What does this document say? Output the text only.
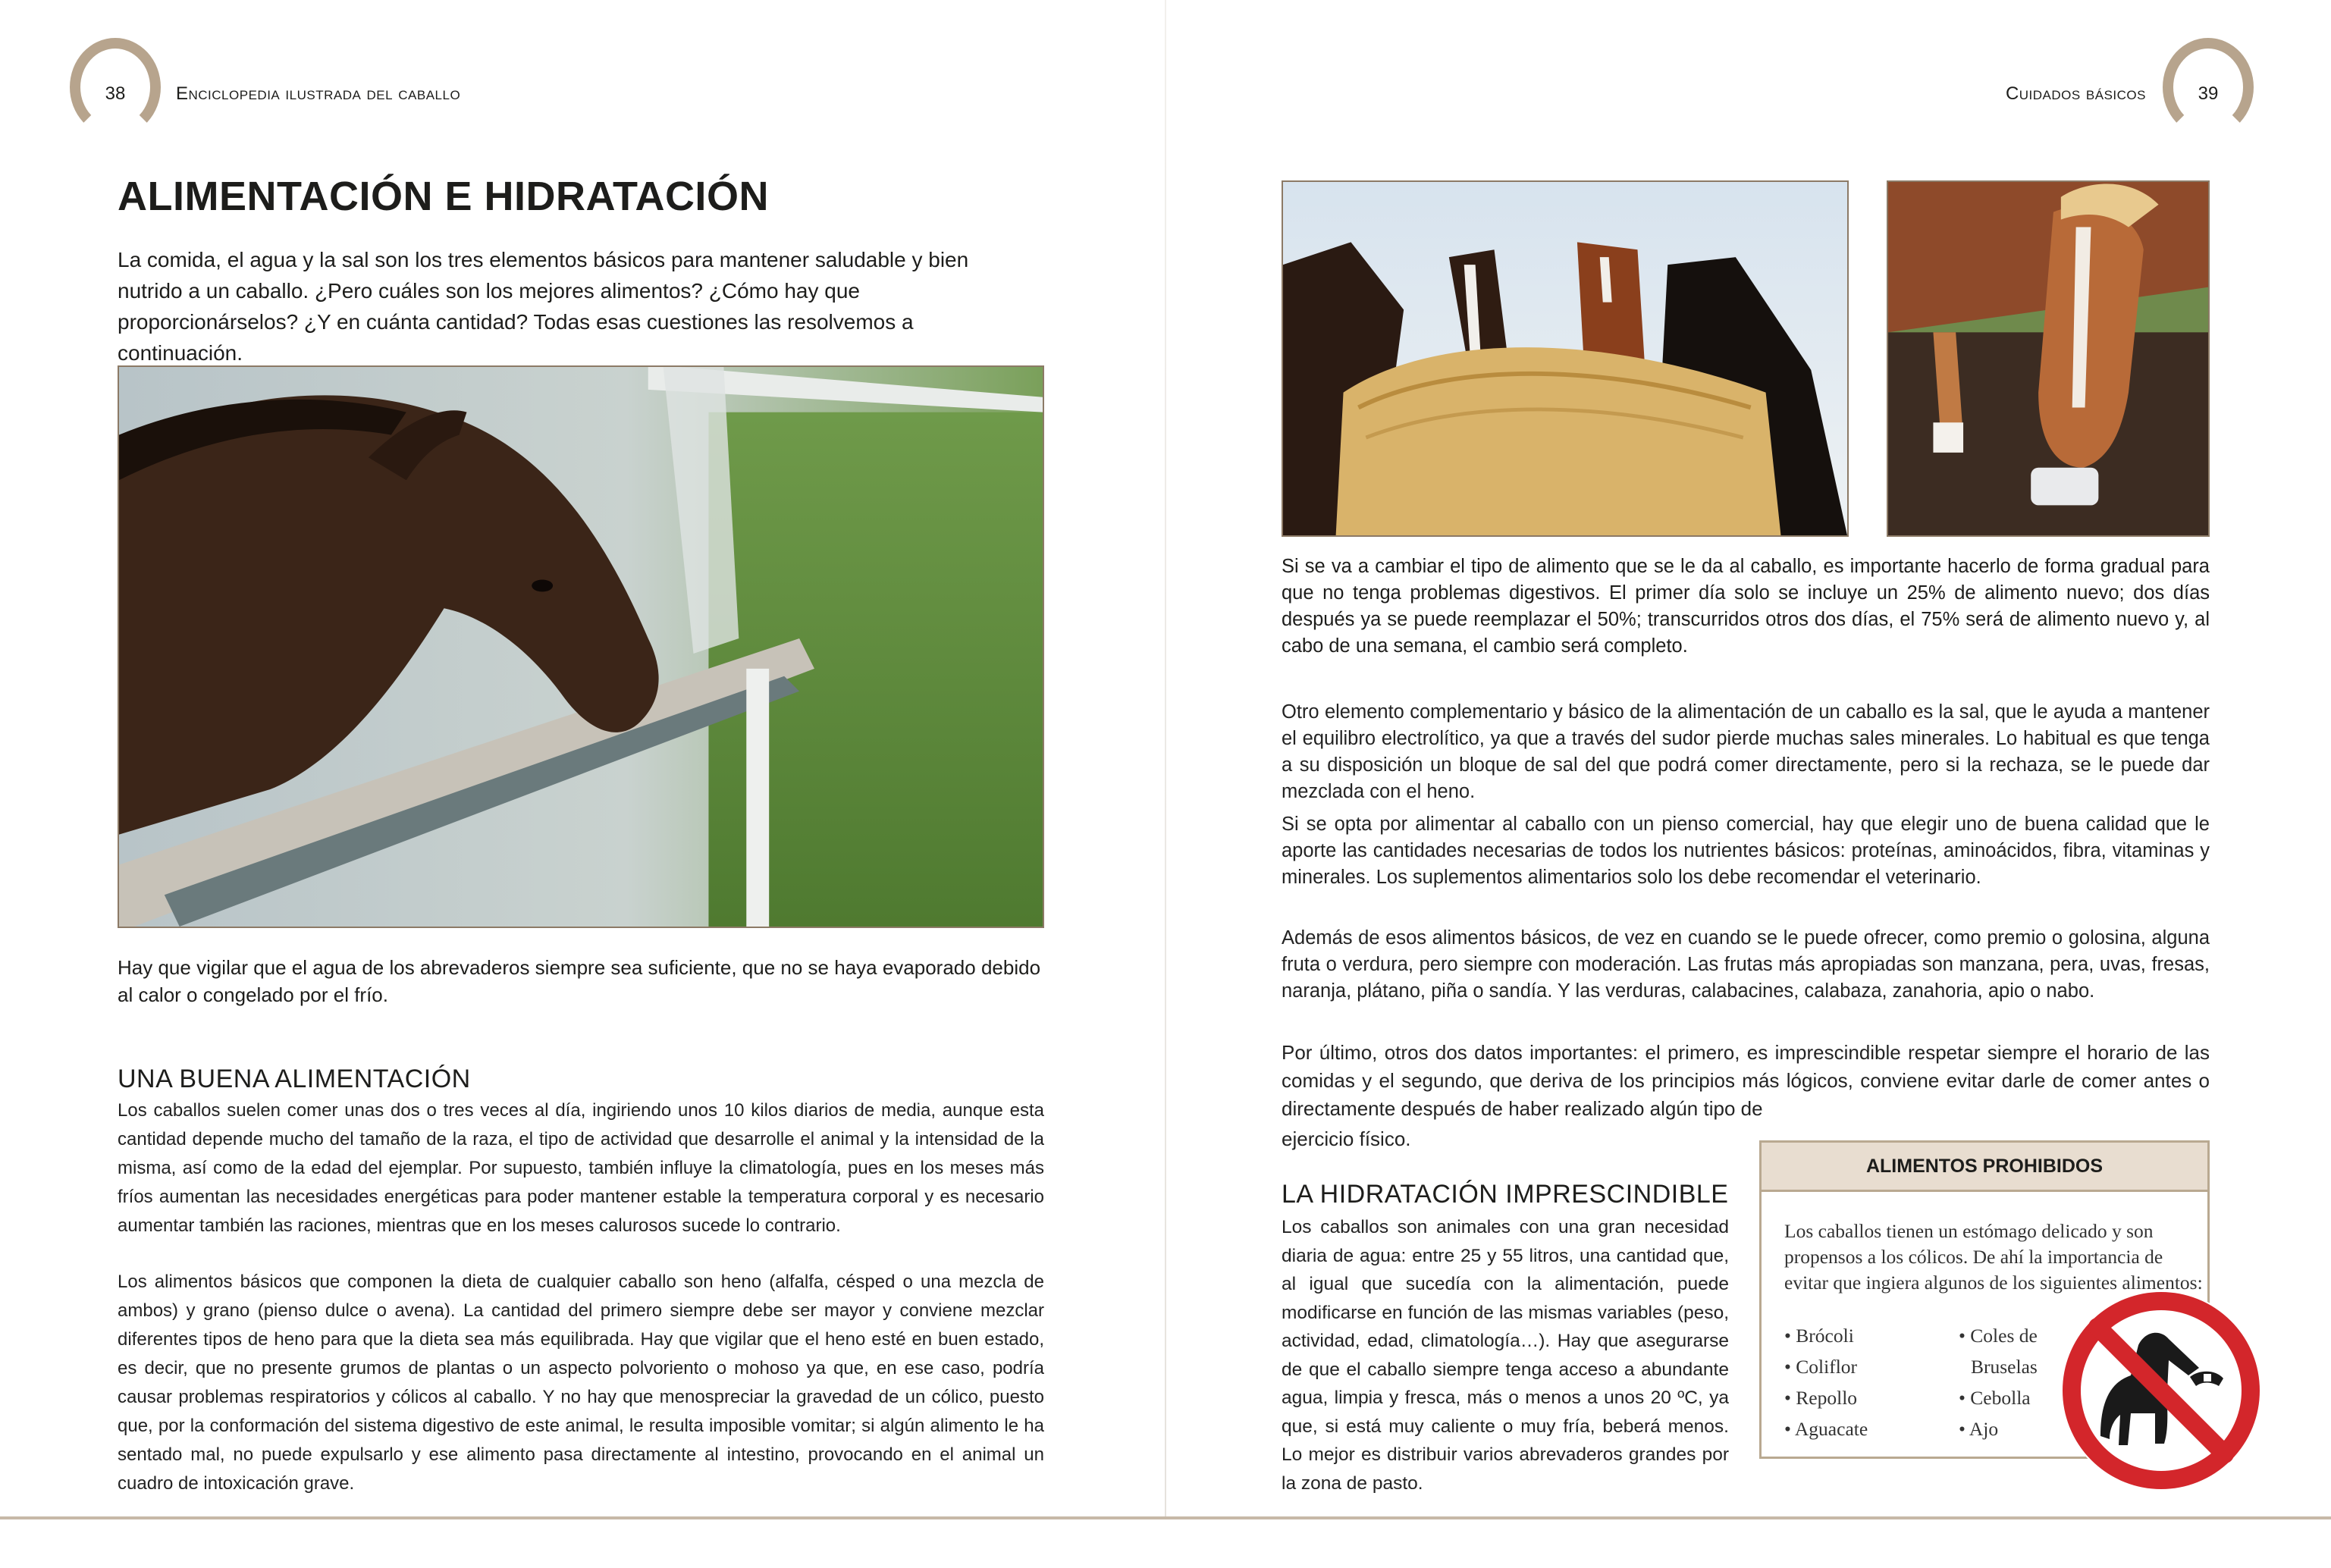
38	Enciclopedia ilustrada del caballo	Cuidados básicos	39
ALIMENTACIÓN E HIDRATACIÓN

La comida, el agua y la sal son los tres elementos básicos para mantener saludable y bien nutrido a un caballo. ¿Pero cuáles son los mejores alimentos? ¿Cómo hay que proporcionárselos? ¿Y en cuánta cantidad? Todas esas cuestiones las resolvemos a continuación.

Hay que vigilar que el agua de los abrevaderos siempre sea suficiente, que no se haya evaporado debido al calor o congelado por el frío.

UNA BUENA ALIMENTACIÓN

Los caballos suelen comer unas dos o tres veces al día, ingiriendo unos 10 kilos diarios de media, aunque esta cantidad depende mucho del tamaño de la raza, el tipo de actividad que desarrolle el animal y la intensidad de la misma, así como de la edad del ejemplar. Por supuesto, también influye la climatología, pues en los meses más fríos aumentan las necesidades energéticas para poder mantener estable la temperatura corporal y es necesario aumentar también las raciones, mientras que en los meses calurosos sucede lo contrario.

Los alimentos básicos que componen la dieta de cualquier caballo son heno (alfalfa, césped o una mezcla de ambos) y grano (pienso dulce o avena). La cantidad del primero siempre debe ser mayor y conviene mezclar diferentes tipos de heno para que la dieta sea más equilibrada. Hay que vigilar que el heno esté en buen estado, es decir, que no presente grumos de plantas o un aspecto polvoriento o mohoso ya que, en ese caso, podría causar problemas respiratorios y cólicos al caballo. Y no hay que menospreciar la gravedad de un cólico, puesto que, por la conformación del sistema digestivo de este animal, le resulta imposible vomitar; si algún alimento le ha sentado mal, no puede expulsarlo y ese alimento pasa directamente al intestino, provocando en el animal un cuadro de intoxicación grave.

Si se va a cambiar el tipo de alimento que se le da al caballo, es importante hacerlo de forma gradual para que no tenga problemas digestivos. El primer día solo se incluye un 25% de alimento nuevo; dos días después ya se puede reemplazar el 50%; transcurridos otros dos días, el 75% será de alimento nuevo y, al cabo de una semana, el cambio será completo.

Otro elemento complementario y básico de la alimentación de un caballo es la sal, que le ayuda a mantener el equilibro electrolítico, ya que a través del sudor pierde muchas sales minerales. Lo habitual es que tenga a su disposición un bloque de sal del que podrá comer directamente, pero si la rechaza, se le puede dar mezclada con el heno.

Si se opta por alimentar al caballo con un pienso comercial, hay que elegir uno de buena calidad que le aporte las cantidades necesarias de todos los nutrientes básicos: proteínas, aminoácidos, fibra, vitaminas y minerales. Los suplementos alimentarios solo los debe recomendar el veterinario.

Además de esos alimentos básicos, de vez en cuando se le puede ofrecer, como premio o golosina, alguna fruta o verdura, pero siempre con moderación. Las frutas más apropiadas son manzana, pera, uvas, fresas, naranja, plátano, piña o sandía. Y las verduras, calabacines, calabaza, zanahoria, apio o nabo.

Por último, otros dos datos importantes: el primero, es imprescindible respetar siempre el horario de las comidas y el segundo, que deriva de los principios más lógicos, conviene evitar darle de comer antes o directamente después de haber realizado algún tipo de

ejercicio físico.

LA HIDRATACIÓN IMPRESCINDIBLE

Los caballos son animales con una gran necesidad diaria de agua: entre 25 y 55 litros, una cantidad que, al igual que sucedía con la alimentación, puede modificarse en función de las mismas variables (peso, actividad, edad, climatología…). Hay que asegurarse de que el caballo siempre tenga acceso a abundante agua, limpia y fresca, más o menos a unos 20 ºC, ya que, si está muy caliente o muy fría, beberá menos. Lo mejor es distribuir varios abrevaderos grandes por la zona de pasto.

ALIMENTOS PROHIBIDOS

Los caballos tienen un estómago delicado y son propensos a los cólicos. De ahí la importancia de evitar que ingiera algunos de los siguientes alimentos:

• Brócoli
• Coliflor
• Repollo
• Aguacate
• Coles de
Bruselas
• Cebolla
• Ajo
